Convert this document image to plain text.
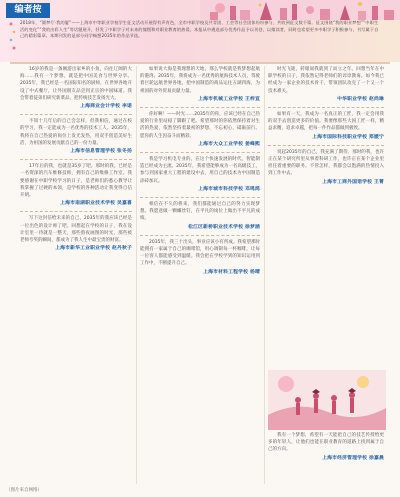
编者按
2018年，“圆梦厅·我的厦”——上海市中等职业学校学生征文活动开展得有声有色，全市中职学校及共青团、工会等社会团体纷纷参与，共收到征文数千篇。征文围绕“我的职业梦想”“中职生活的变化”“我的出彩人生”等话题展开，抒发了中职学子对未来的憧憬和对职业教育的热爱。本报从中遴选部分优秀作品予以刊登，以飨读者，同时也希望更多中职学子积极参与，书写属于自己的精彩篇章。本期刊发的是部分同学畅想2035年的作品节选。

16岁的我是一条刚游出家乡的小鱼，向往辽阔的大海……我有一个梦想，就是把中国美食与世界分享。2035年，我已经是一名国际知名的厨师，在世界各地开设了中式餐厅，让外国朋友品尝到正宗的中国味道。我会带着徒弟们研究新菜品，把传统技艺发扬光大。

上海商业会计学校 李诺

不知十几年后的自己会怎样，但我相信，通过在校的学习，我一定能成为一名优秀的技术工人。2035年，我将在自己热爱的岗位上发光发热，用双手创造美好生活，为祖国的发展贡献自己的一份力量。

上海市信息管理学校 张冬扬

17年后的我，也就是35岁了吧。那时的我，已经是一名资深的汽车维修技师，拥有自己的维修工作室。我要感谢在中职学校学习的日子，是老师们的悉心教导让我掌握了过硬的本领，是学校的各种活动让我变得自信开朗。

上海市南湖职业技术学校 吴嘉喜

写下这封信给未来的自己，2035年的我应该已经是一位出色的设计师了吧。回想起在学校的日子，我在设计室里一待就是一整天，那些熬夜画图的时光，那些被老师夸奖的瞬间，都成为了我人生中最宝贵的财富。

上海市新华工业职业学校 赵丹秋子

如果说大海是我理想的天地，那么学校就是我梦想起航的港湾。2035年，我将成为一名优秀的航海技术人员，驾驶着巨轮远航世界各地，把中国制造的商品运往五湖四海，为祖国的对外贸易贡献力量。

上海市机械工业学校 王梓宣

你好啊！——时光……2035年的你，应该已经在自己热爱的行业里站稳了脚跟了吧。希望那时的你依然保持着对生活的热爱，依然坚持着最初的梦想，不忘初心，砥砺前行。愿你的人生因奋斗而精彩。

上海市大众工业学校 姜峰熙

我是学习机电专业的。在这个快速发展的时代，智能制造已经成为主流。2035年，我希望能够成为一名高级技工，参与到国家重大工程的建设中去，用自己的技术为中国制造添砖加瓦。

上海市城市科技学校 邓鸣鸿

相信在不久的将来，我们都能通过自己的努力实现梦想。我愿意做一颗螺丝钉，在平凡的岗位上做出不平凡的成绩。

松江区新桥职业技术学校 徐梦涵

2035年，我三十出头，事业应该小有所成。我希望那时能拥有一家属于自己的咖啡馆，用心调制每一杯咖啡，让每一位客人都能感受到温暖。我会把在学校学到的知识运用到工作中，不断提升自己。

上海市材料工程学校 杨晴

时光飞逝，转眼间我就到了而立之年。回想当年在中职学校的日子，我依然记得老师们的谆谆教诲。如今我已经成为一家企业的技术骨干，带领团队攻克了一个又一个技术难关。

中华职业学校 赵尚琳

如果有一天，我成为一名真正的工匠，我一定会用我的双手去创造更多的价值。我要像那些大国工匠一样，精益求精，追求卓越，把每一件作品都做到极致。

上海市国际科技职业学校 郑媛宁

说起2035年的自己，我充满了期待。那时的我，也许正在某个研究所里从事着科研工作，也许正在某个企业里担任着重要的职务。不管怎样，我都会以饱满的热情投入到工作中去。

上海市工商外国语学校 王菁

我有一个梦想，希望有一天能把自己的技艺传授给更多的年轻人，让他们也能在职业教育的道路上找到属于自己的方向。

上海市经济管理学校 徐嘉晨
（图片来自网络）
